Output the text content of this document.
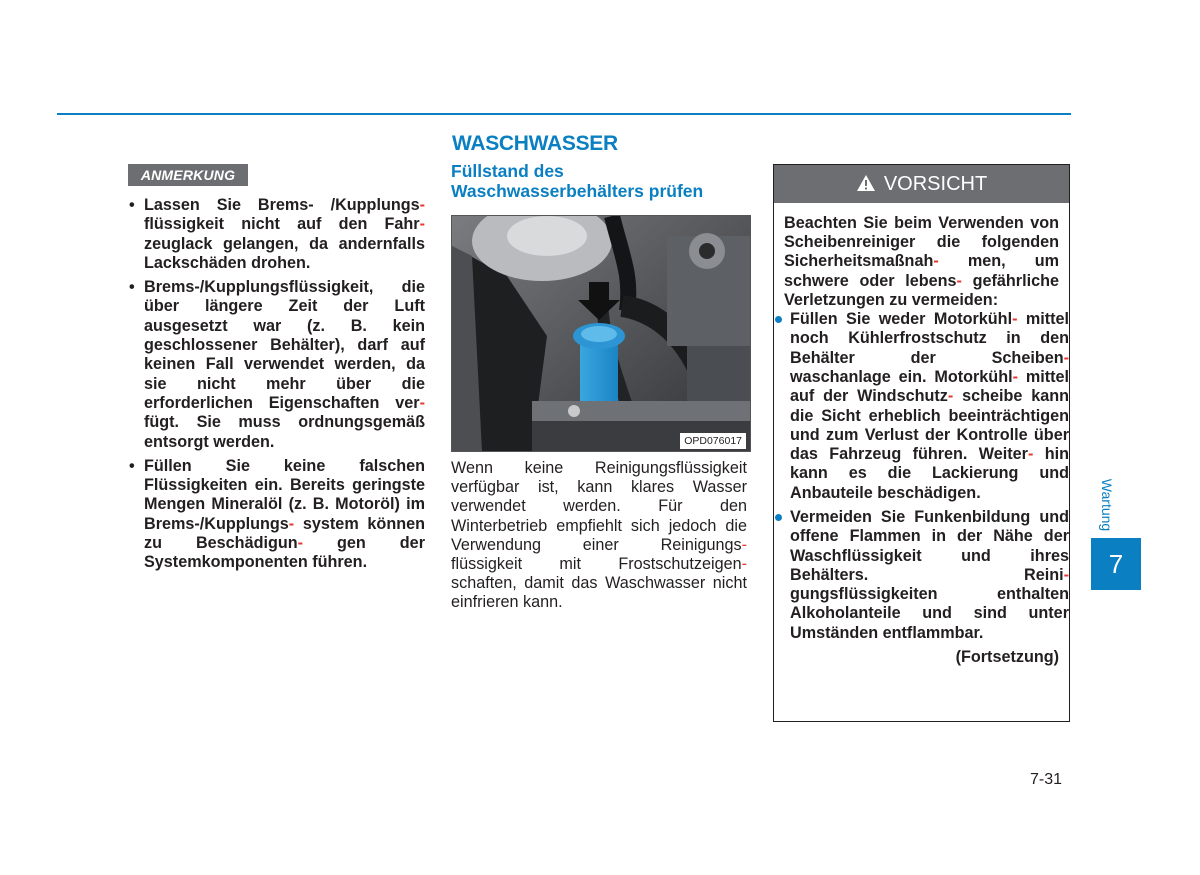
ANMERKUNG
• Lassen Sie Brems- /Kupplungs- flüssigkeit nicht auf den Fahr- zeuglack gelangen, da andernfalls Lackschäden drohen.
• Brems-/Kupplungsflüssigkeit, die über längere Zeit der Luft ausgesetzt war (z. B. kein geschlossener Behälter), darf auf keinen Fall verwendet werden, da sie nicht mehr über die erforderlichen Eigenschaften ver- fügt. Sie muss ordnungsgemäß entsorgt werden.
• Füllen Sie keine falschen Flüssigkeiten ein. Bereits geringste Mengen Mineralöl (z. B. Motoröl) im Brems-/Kupplungs- system können zu Beschädigun- gen der Systemkomponenten führen.
WASCHWASSER
Füllstand des
Waschwasserbehälters prüfen
OPD076017
Wenn keine Reinigungsflüssigkeit verfügbar ist, kann klares Wasser verwendet werden. Für den Winterbetrieb empfiehlt sich jedoch die Verwendung einer Reinigungs- flüssigkeit mit Frostschutzeigen- schaften, damit das Waschwasser nicht einfrieren kann.
VORSICHT
Beachten Sie beim Verwenden von Scheibenreiniger die folgenden Sicherheitsmaßnah- men, um schwere oder lebens- gefährliche Verletzungen zu vermeiden:
Füllen Sie weder Motorkühl- mittel noch Kühlerfrostschutz in den Behälter der Scheiben- waschanlage ein. Motorkühl- mittel auf der Windschutz- scheibe kann die Sicht erheblich beeinträchtigen und zum Verlust der Kontrolle über das Fahrzeug führen. Weiter- hin kann es die Lackierung und Anbauteile beschädigen.
Vermeiden Sie Funkenbildung und offene Flammen in der Nähe der Waschflüssigkeit und ihres Behälters. Reini- gungsflüssigkeiten enthalten Alkoholanteile und sind unter Umständen entflammbar.
(Fortsetzung)
Wartung
7
7-31
